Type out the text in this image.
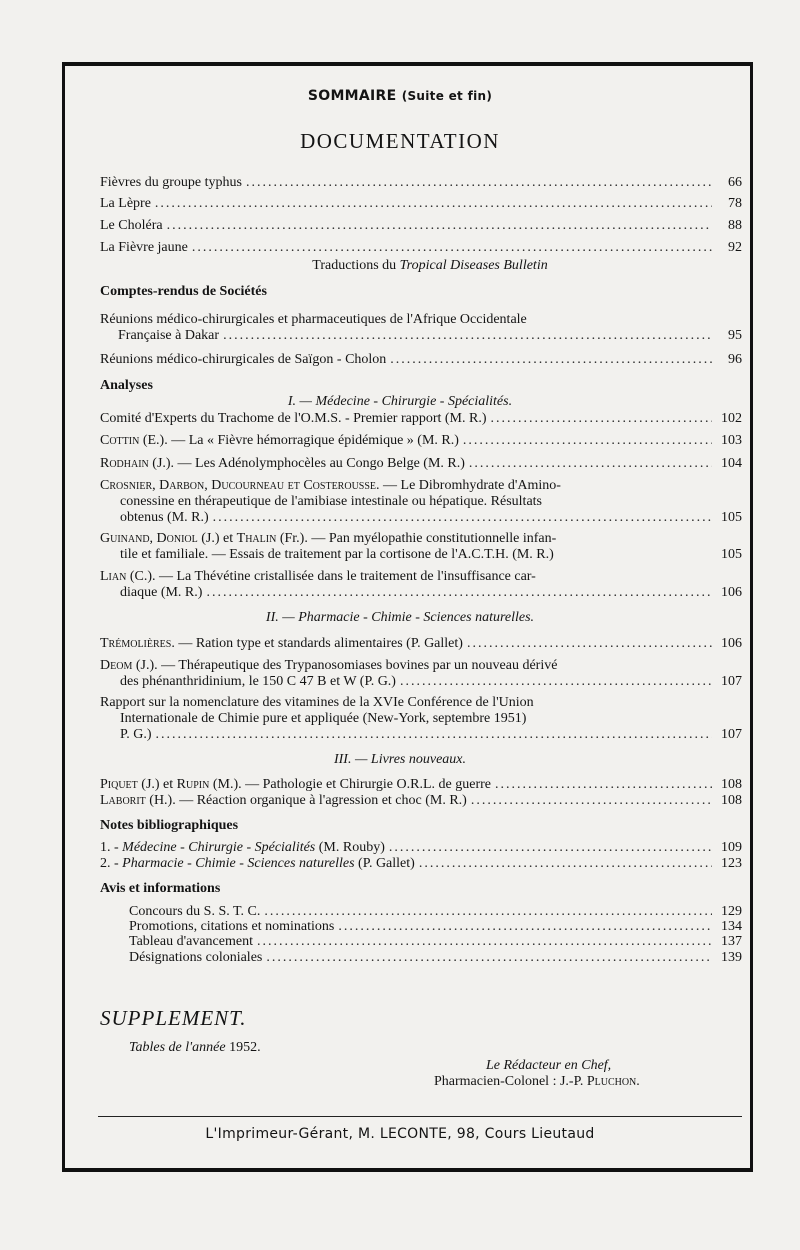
SOMMAIRE (Suite et fin)
DOCUMENTATION
Fièvres du groupe typhus .....	66
La Lèpre .....	78
Le Choléra .....	88
La Fièvre jaune .....	92
Traductions du Tropical Diseases Bulletin
Comptes-rendus de Sociétés
Réunions médico-chirurgicales et pharmaceutiques de l'Afrique Occidentale
Française à Dakar .....	95
Réunions médico-chirurgicales de Saïgon - Cholon .....	96
Analyses
I. — Médecine - Chirurgie - Spécialités.
Comité d'Experts du Trachome de l'O.M.S. - Premier rapport (M. R.) .....	102
Cottin (E.). — La « Fièvre hémorragique épidémique » (M. R.) .....	103
Rodhain (J.). — Les Adénolymphocèles au Congo Belge (M. R.) .....	104
Crosnier, Darbon, Ducourneau et Costerousse. — Le Dibromhydrate d'Amino-
conessine en thérapeutique de l'amibiase intestinale ou hépatique. Résultats
obtenus (M. R.) .....	105
Guinand, Doniol (J.) et Thalin (Fr.). — Pan myélopathie constitutionnelle infan-
tile et familiale. — Essais de traitement par la cortisone de l'A.C.T.H. (M. R.)	105
Lian (C.). — La Thévétine cristallisée dans le traitement de l'insuffisance car-
diaque (M. R.) .....	106
II. — Pharmacie - Chimie - Sciences naturelles.
Trémolières. — Ration type et standards alimentaires (P. Gallet) .....	106
Deom (J.). — Thérapeutique des Trypanosomiases bovines par un nouveau dérivé
des phénanthridinium, le 150 C 47 B et W (P. G.) .....	107
Rapport sur la nomenclature des vitamines de la XVIe Conférence de l'Union
Internationale de Chimie pure et appliquée (New-York, septembre 1951)
P. G.) .....	107
III. — Livres nouveaux.
Piquet (J.) et Rupin (M.). — Pathologie et Chirurgie O.R.L. de guerre .....	108
Laborit (H.). — Réaction organique à l'agression et choc (M. R.) .....	108
Notes bibliographiques
1. - Médecine - Chirurgie - Spécialités (M. Rouby) .....	109
2. - Pharmacie - Chimie - Sciences naturelles (P. Gallet) .....	123
Avis et informations
Concours du S. S. T. C. .....	129
Promotions, citations et nominations .....	134
Tableau d'avancement .....	137
Désignations coloniales .....	139
SUPPLEMENT.
Tables de l'année 1952.
Le Rédacteur en Chef,
Pharmacien-Colonel : J.-P. Pluchon.
L'Imprimeur-Gérant, M. LECONTE, 98, Cours Lieutaud
